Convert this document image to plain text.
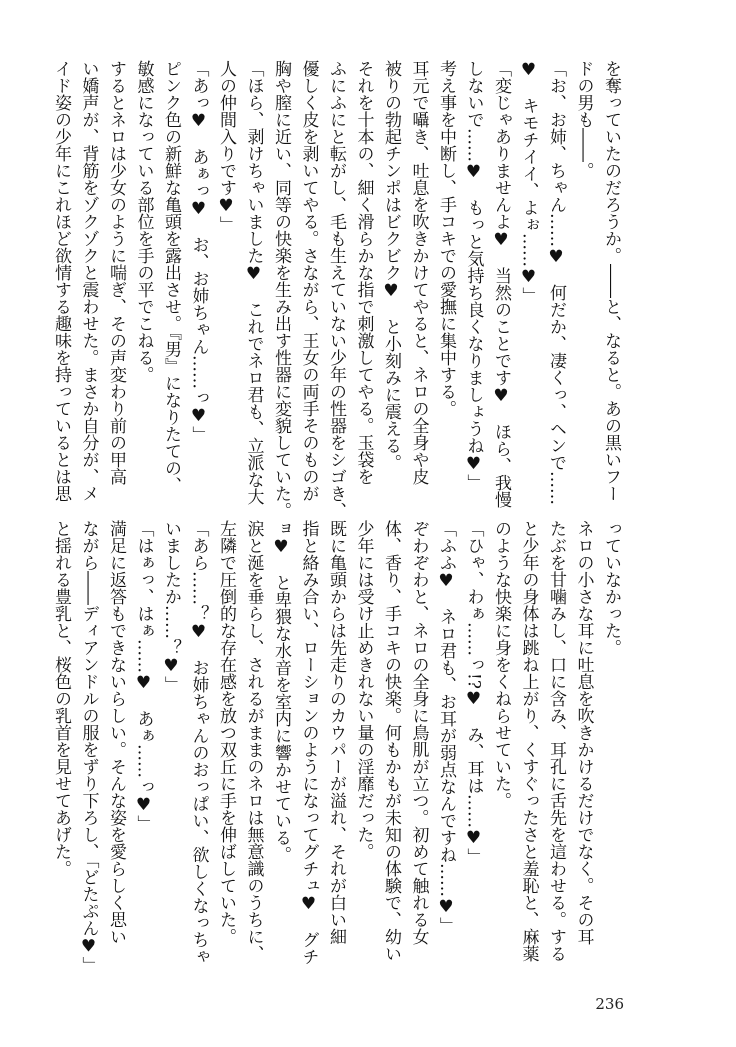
を奪っていたのだろうか。――と、なると。あの黒いフー
ドの男も――。
「お、お姉、ちゃん……♥　何だか、凄くっ、ヘンで……
♥　キモチイイ、よぉ……♥」
「変じゃありませんよ♥　当然のことです♥　ほら、我慢
しないで……♥　もっと気持ち良くなりましょうね♥」
考え事を中断し、手コキでの愛撫に集中する。
耳元で囁き、吐息を吹きかけてやると、ネロの全身や皮
被りの勃起チンポはビクビク♥　と小刻みに震える。
それを十本の、細く滑らかな指で刺激してやる。玉袋を
ふにふにと転がし、毛も生えていない少年の性器をシゴき、
優しく皮を剥いてやる。さながら、王女の両手そのものが
胸や膣に近い、同等の快楽を生み出す性器に変貌していた。
「ほら、剥けちゃいました♥　これでネロ君も、立派な大
人の仲間入りです♥」
「あっ♥　あぁっ♥　お、お姉ちゃん……っ♥」
ピンク色の新鮮な亀頭を露出させ。『男』になりたての、
敏感になっている部位を手の平でこねる。
するとネロは少女のように喘ぎ、その声変わり前の甲高
い嬌声が、背筋をゾクゾクと震わせた。まさか自分が、メ
イド姿の少年にこれほど欲情する趣味を持っているとは思
っていなかった。
ネロの小さな耳に吐息を吹きかけるだけでなく。その耳
たぶを甘噛みし、口に含み、耳孔に舌先を這わせる。する
と少年の身体は跳ね上がり、くすぐったさと羞恥と、麻薬
のような快楽に身をくねらせていた。
「ひゃ、わぁ……っ!?♥　み、耳は……♥」
「ふふ♥　ネロ君も、お耳が弱点なんですね……♥」
ぞわぞわと、ネロの全身に鳥肌が立つ。初めて触れる女
体、香り、手コキの快楽。何もかもが未知の体験で、幼い
少年には受け止めきれない量の淫靡だった。
既に亀頭からは先走りのカウパーが溢れ、それが白い細
指と絡み合い、ローションのようになってグチュ♥　グチ
ョ♥　と卑猥な水音を室内に響かせている。
涙と涎を垂らし、されるがままのネロは無意識のうちに、
左隣で圧倒的な存在感を放つ双丘に手を伸ばしていた。
「あら……？♥　お姉ちゃんのおっぱい、欲しくなっちゃ
いましたか……？♥」
「はぁっ、はぁ……♥　あぁ……っ♥」
満足に返答もできないらしい。そんな姿を愛らしく思い
ながら――ディアンドルの服をずり下ろし、「どたぷん♥」
と揺れる豊乳と、桜色の乳首を見せてあげた。
236
